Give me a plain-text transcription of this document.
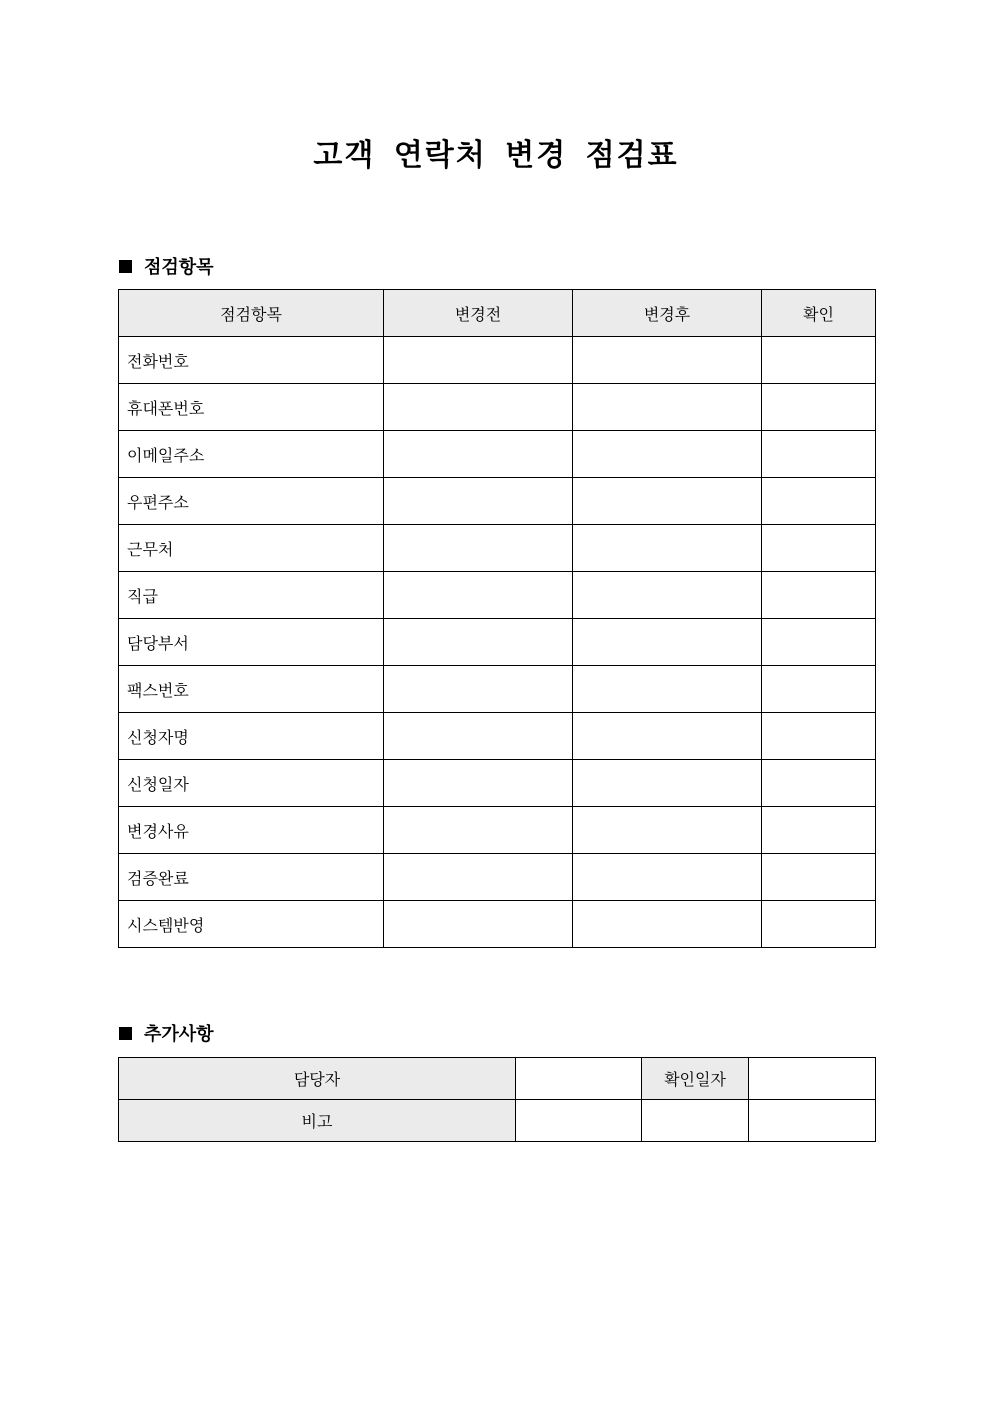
고객 연락처 변경 점검표
점검항목
점검항목	변경전	변경후	확인
전화번호			
휴대폰번호			
이메일주소			
우편주소			
근무처			
직급			
담당부서			
팩스번호			
신청자명			
신청일자			
변경사유			
검증완료			
시스템반영			
추가사항
담당자		확인일자	
비고			
